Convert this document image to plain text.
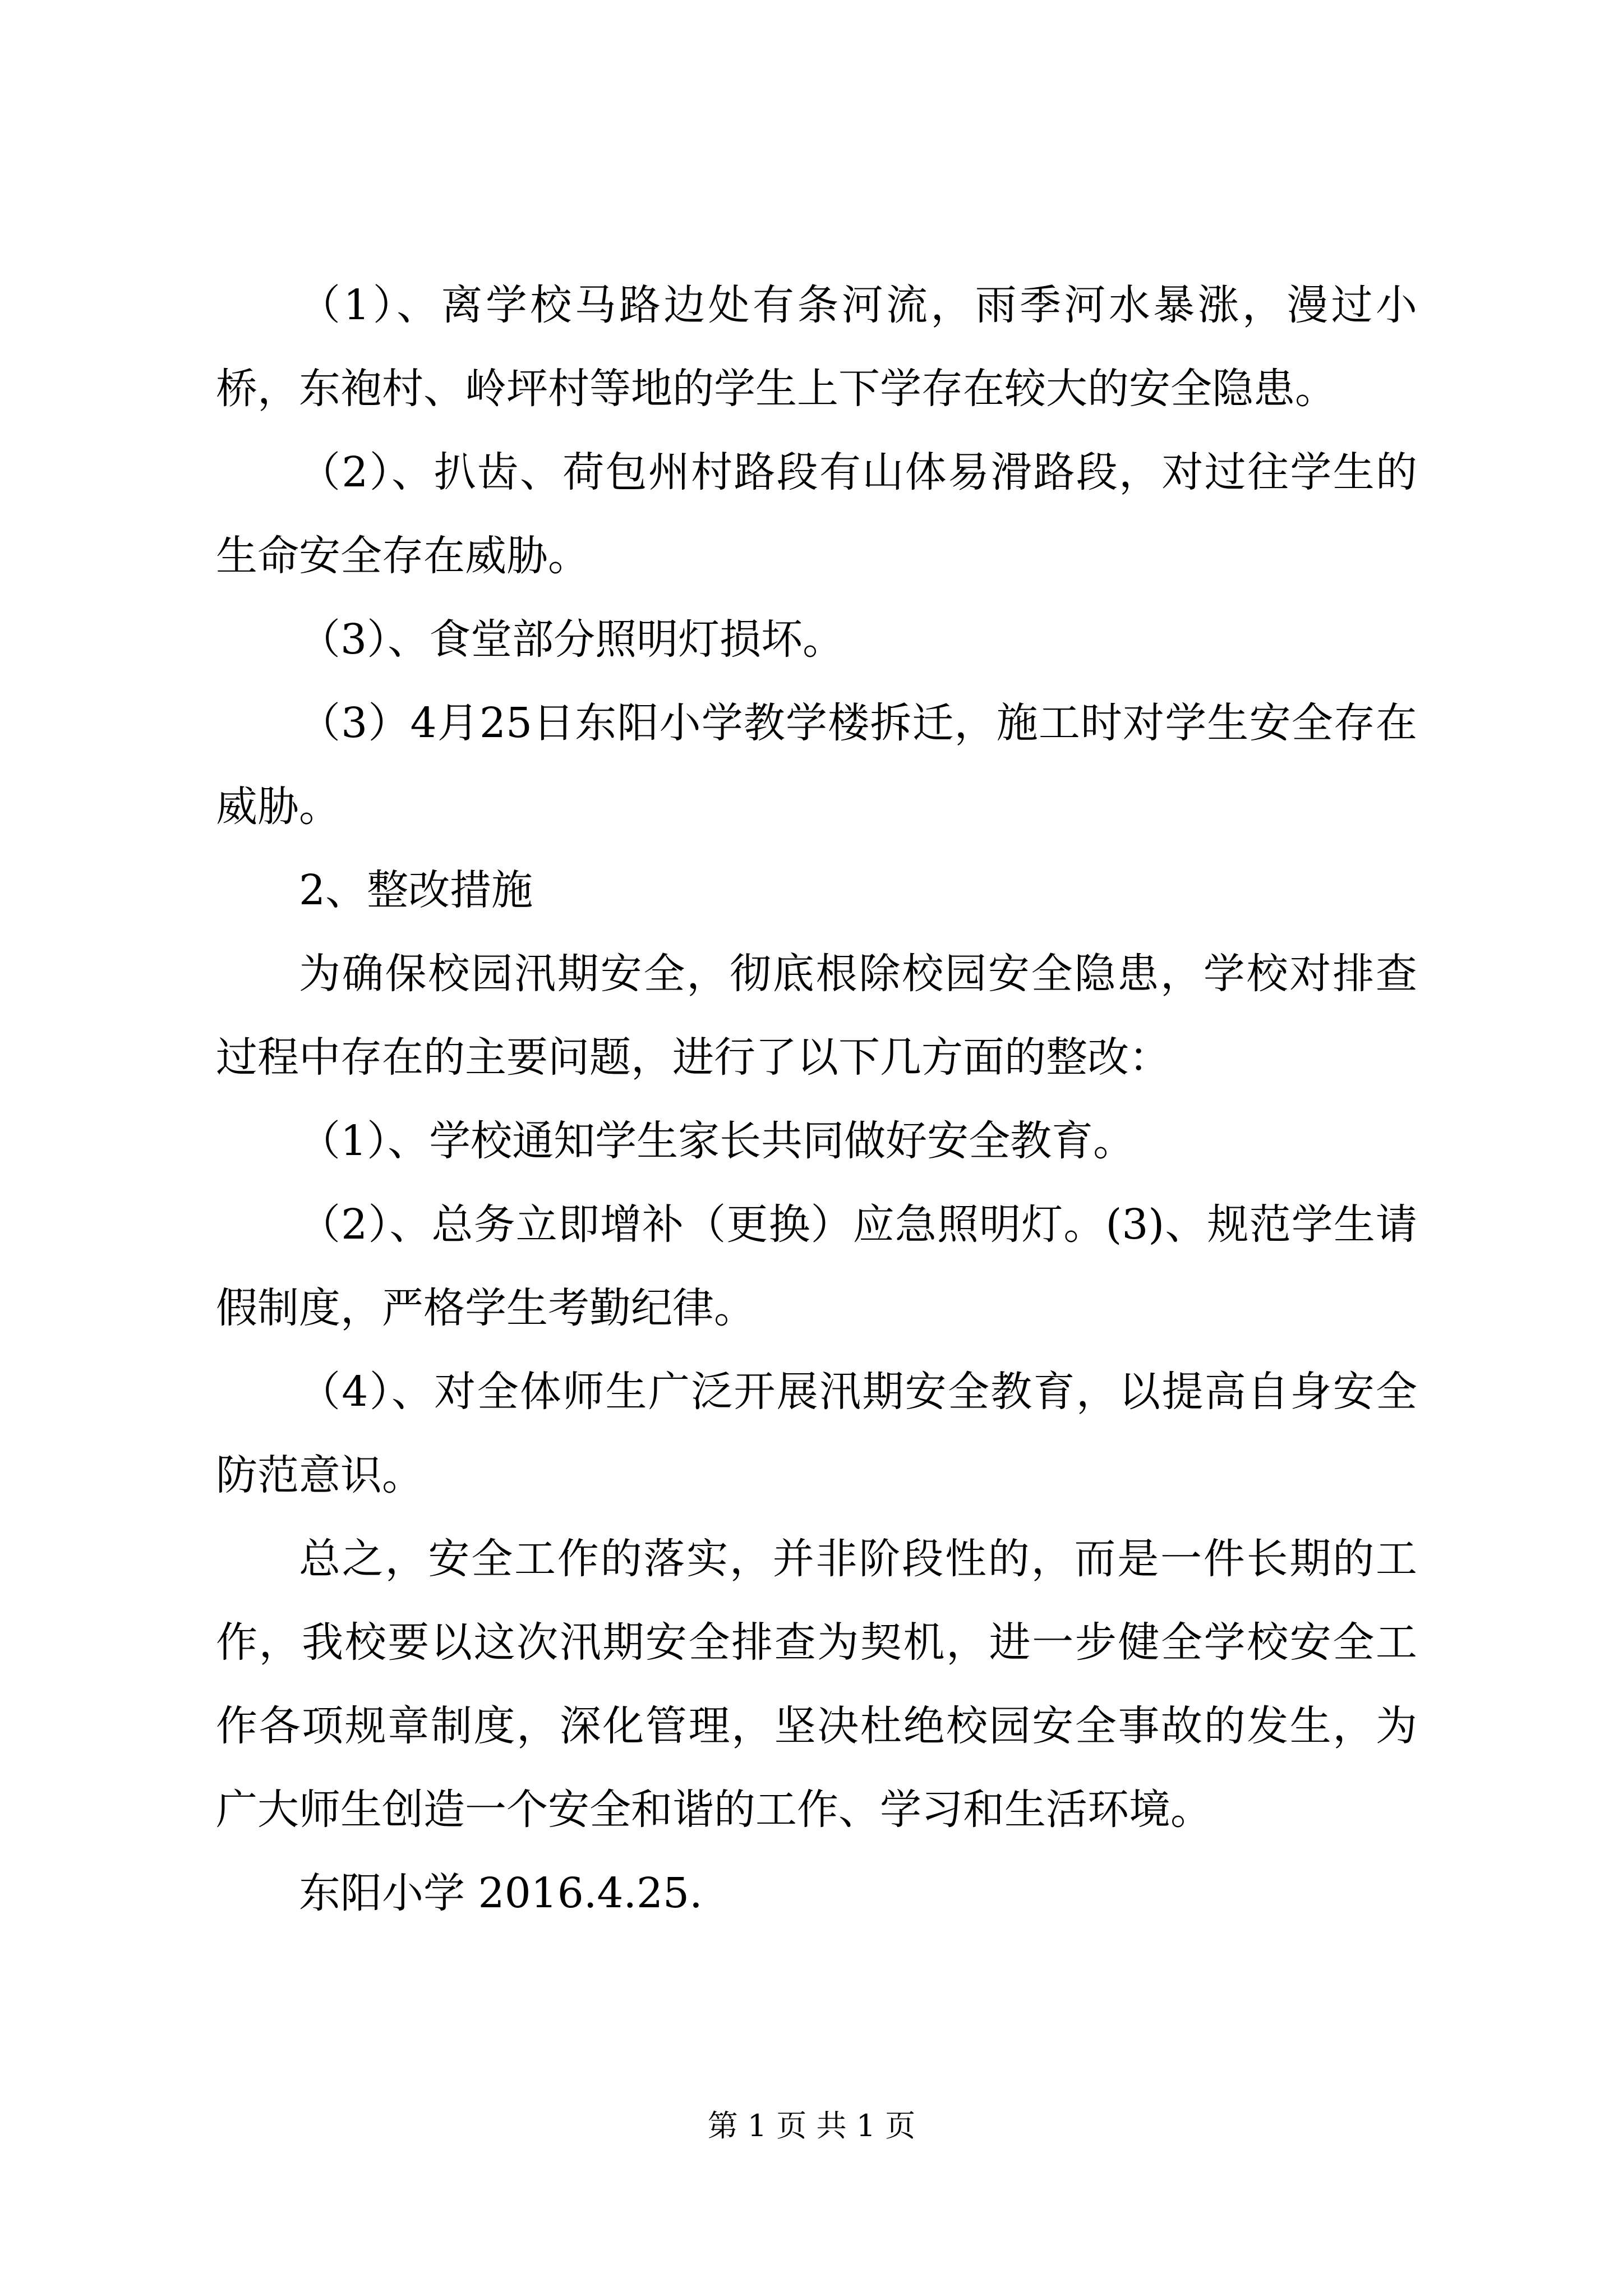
（1）、离学校马路边处有条河流，雨季河水暴涨，漫过小桥，东袍村、岭坪村等地的学生上下学存在较大的安全隐患。

（2）、扒齿、荷包州村路段有山体易滑路段，对过往学生的生命安全存在威胁。

（3）、食堂部分照明灯损坏。

（3）4月25日东阳小学教学楼拆迁，施工时对学生安全存在威胁。

2、整改措施

为确保校园汛期安全，彻底根除校园安全隐患，学校对排查过程中存在的主要问题，进行了以下几方面的整改：

（1）、学校通知学生家长共同做好安全教育。

（2）、总务立即增补（更换）应急照明灯。(3)、规范学生请假制度，严格学生考勤纪律。

（4）、对全体师生广泛开展汛期安全教育，以提高自身安全防范意识。

总之，安全工作的落实，并非阶段性的，而是一件长期的工作，我校要以这次汛期安全排查为契机，进一步健全学校安全工作各项规章制度，深化管理，坚决杜绝校园安全事故的发生，为广大师生创造一个安全和谐的工作、学习和生活环境。

东阳小学 2016.4.25.

第 1 页 共 1 页
